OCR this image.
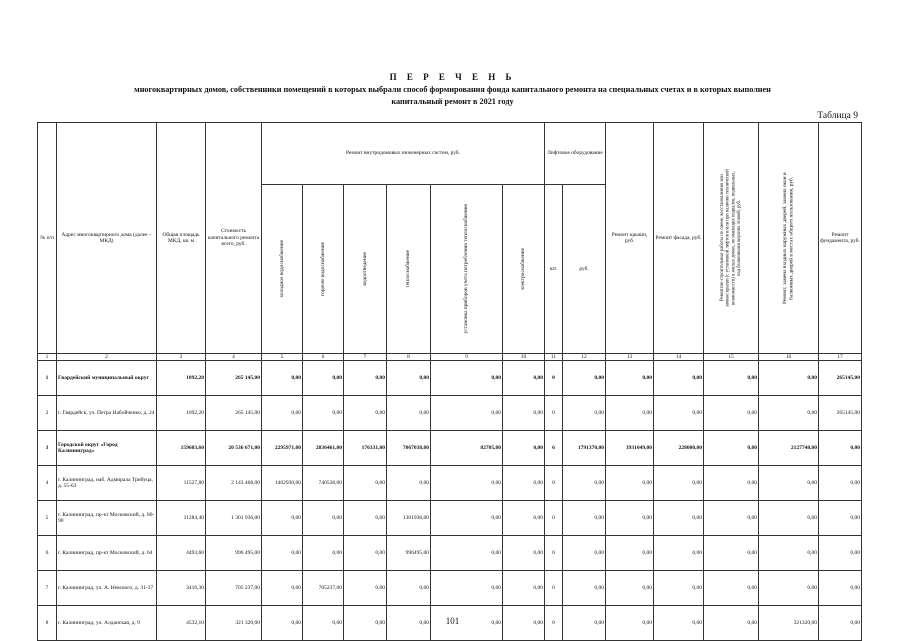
П Е Р Е Ч Е Н Ь
многоквартирных домов, собственники помещений в которых выбрали способ формирования фонда капитального ремонта на специальных счетах и в которых выполнен
капитальный ремонт в 2021 году
Таблица 9
№ п/п	Адрес многоквартирного дома (далее – МКД)	Общая площадь МКД, кв. м	Стоимость капитального ремонта всего, руб.	Ремонт внутридомовых инженерных систем, руб.						Лифтовое оборудование		Ремонт крыши, руб.	Ремонт фасада, руб.	Ремонтно-строительные работы по смене, восстановлению или замене крыши (с установкой лифтов и/или при наличии технической возможности) в жилых домах, не имеющих подвалов, подвальных, над балконными верхних этажей, руб.	Ремонт, замена входных наружных дверей, замена окон и балконных дверей в местах общего пользования, руб.	Ремонт фундамента, руб.

				холодное водоснабжение	горячее водоснабжение	водоотведение	теплоснабжение	установка приборов учета потребления теплоснабжения	электроснабжение	шт.	руб.					
1	2	3	4	5	6	7	8	9	10	11	12	13	14	15	16	17
1	Гвардейский муниципальный округ	1092,20	265 145,00	0,00	0,00	0,00	0,00	0,00	0,00	0	0,00	0,00	0,00	0,00	0,00	265145,00
2	г. Гвардейск, ул. Петра Набойченко, д. 24	1092,20	265 145,00	0,00	0,00	0,00	0,00	0,00	0,00	0	0,00	0,00	0,00	0,00	0,00	265145,00
3	Городской округ «Город Калининград»	159603,60	20 536 671,00	2295971,00	2836461,00	176331,00	7067038,00	82705,00	0,00	6	1791370,00	3931049,00	228000,00	0,00	2127748,00	0,00
4	г. Калининград, наб. Адмирала Трибуца, д. 55-63	11527,80	2 143 468,00	1402930,00	740538,00	0,00	0,00	0,00	0,00	0	0,00	0,00	0,00	0,00	0,00	0,00
5	г. Калининград, пр-кт Московский, д. 80-90	11284,40	1 301 936,00	0,00	0,00	0,00	1301936,00	0,00	0,00	0	0,00	0,00	0,00	0,00	0,00	0,00
6	г. Калининград, пр-кт Московский, д. 64	4493,60	996 495,00	0,00	0,00	0,00	996495,00	0,00	0,00	0	0,00	0,00	0,00	0,00	0,00	0,00
7	г. Калининград, ул. А. Невского, д. 31-37	3416,30	705 237,00	0,00	705237,00	0,00	0,00	0,00	0,00	0	0,00	0,00	0,00	0,00	0,00	0,00
8	г. Калининград, ул. Алданская, д. 9	4532,10	321 320,00	0,00	0,00	0,00	0,00	0,00	0,00	0	0,00	0,00	0,00	0,00	321320,00	0,00
101
